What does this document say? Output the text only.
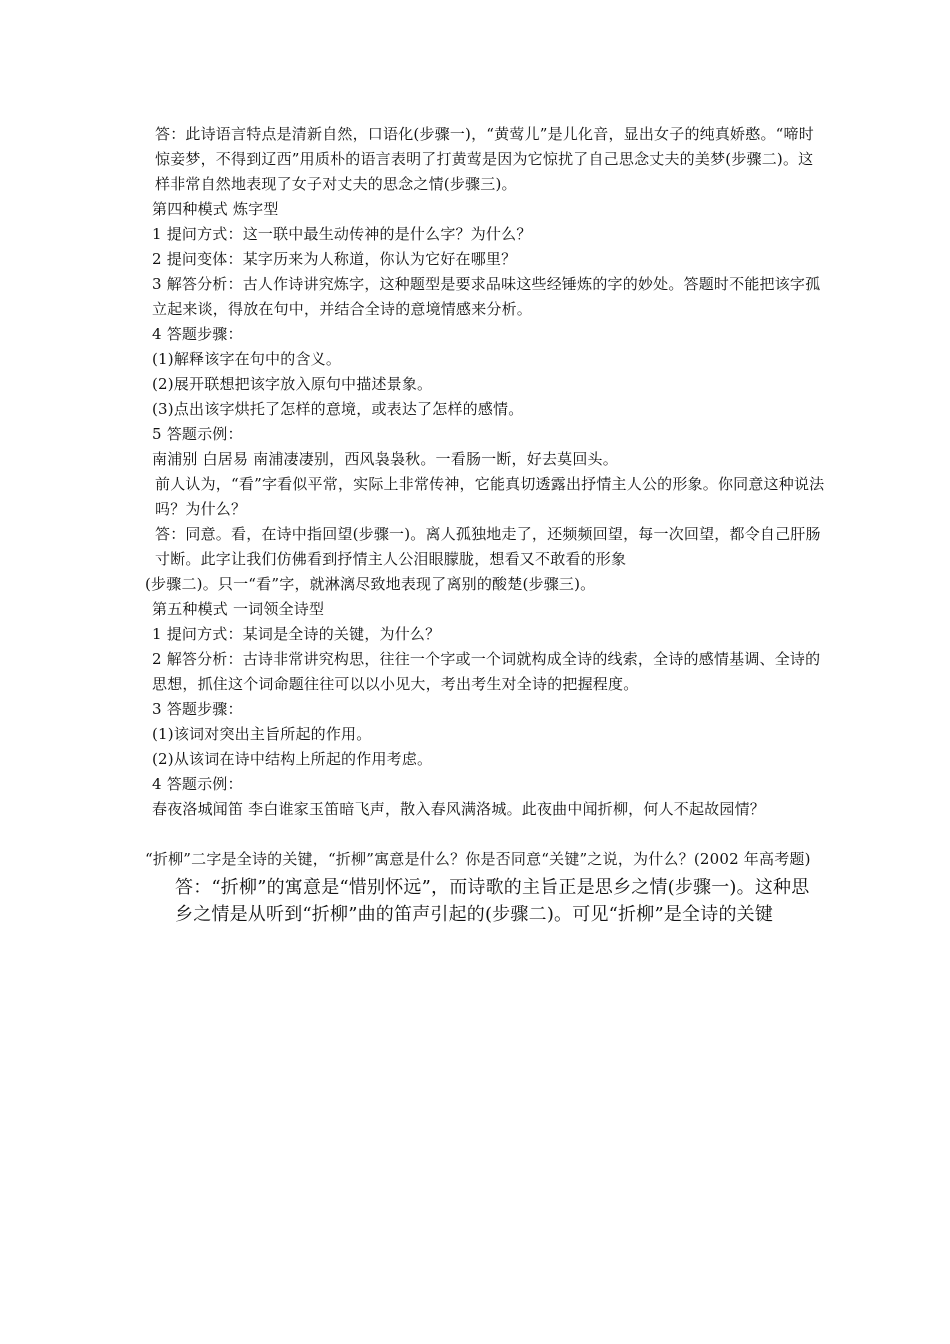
答：此诗语言特点是清新自然，口语化(步骤一)，“黄莺儿”是儿化音，显出女子的纯真娇憨。“啼时惊妾梦，不得到辽西”用质朴的语言表明了打黄莺是因为它惊扰了自己思念丈夫的美梦(步骤二)。这样非常自然地表现了女子对丈夫的思念之情(步骤三)。

第四种模式 炼字型

1 提问方式：这一联中最生动传神的是什么字？为什么？

2 提问变体：某字历来为人称道，你认为它好在哪里？

3 解答分析：古人作诗讲究炼字，这种题型是要求品味这些经锤炼的字的妙处。答题时不能把该字孤立起来谈，得放在句中，并结合全诗的意境情感来分析。

4 答题步骤：

(1)解释该字在句中的含义。

(2)展开联想把该字放入原句中描述景象。

(3)点出该字烘托了怎样的意境，或表达了怎样的感情。

5 答题示例：

南浦别 白居易 南浦凄凄别，西风袅袅秋。一看肠一断，好去莫回头。

前人认为，“看”字看似平常，实际上非常传神，它能真切透露出抒情主人公的形象。你同意这种说法吗？为什么？

答：同意。看，在诗中指回望(步骤一)。离人孤独地走了，还频频回望，每一次回望，都令自己肝肠寸断。此字让我们仿佛看到抒情主人公泪眼朦胧，想看又不敢看的形象

(步骤二)。只一“看”字，就淋漓尽致地表现了离别的酸楚(步骤三)。

第五种模式 一词领全诗型

1 提问方式：某词是全诗的关键，为什么？

2 解答分析：古诗非常讲究构思，往往一个字或一个词就构成全诗的线索，全诗的感情基调、全诗的思想，抓住这个词命题往往可以以小见大，考出考生对全诗的把握程度。

3 答题步骤：

(1)该词对突出主旨所起的作用。

(2)从该词在诗中结构上所起的作用考虑。

4 答题示例：

春夜洛城闻笛 李白谁家玉笛暗飞声，散入春风满洛城。此夜曲中闻折柳，何人不起故园情？

“折柳”二字是全诗的关键，“折柳”寓意是什么？你是否同意“关键”之说，为什么？(2002 年高考题)

答：“折柳”的寓意是“惜别怀远”，而诗歌的主旨正是思乡之情(步骤一)。这种思乡之情是从听到“折柳”曲的笛声引起的(步骤二)。可见“折柳”是全诗的关键
